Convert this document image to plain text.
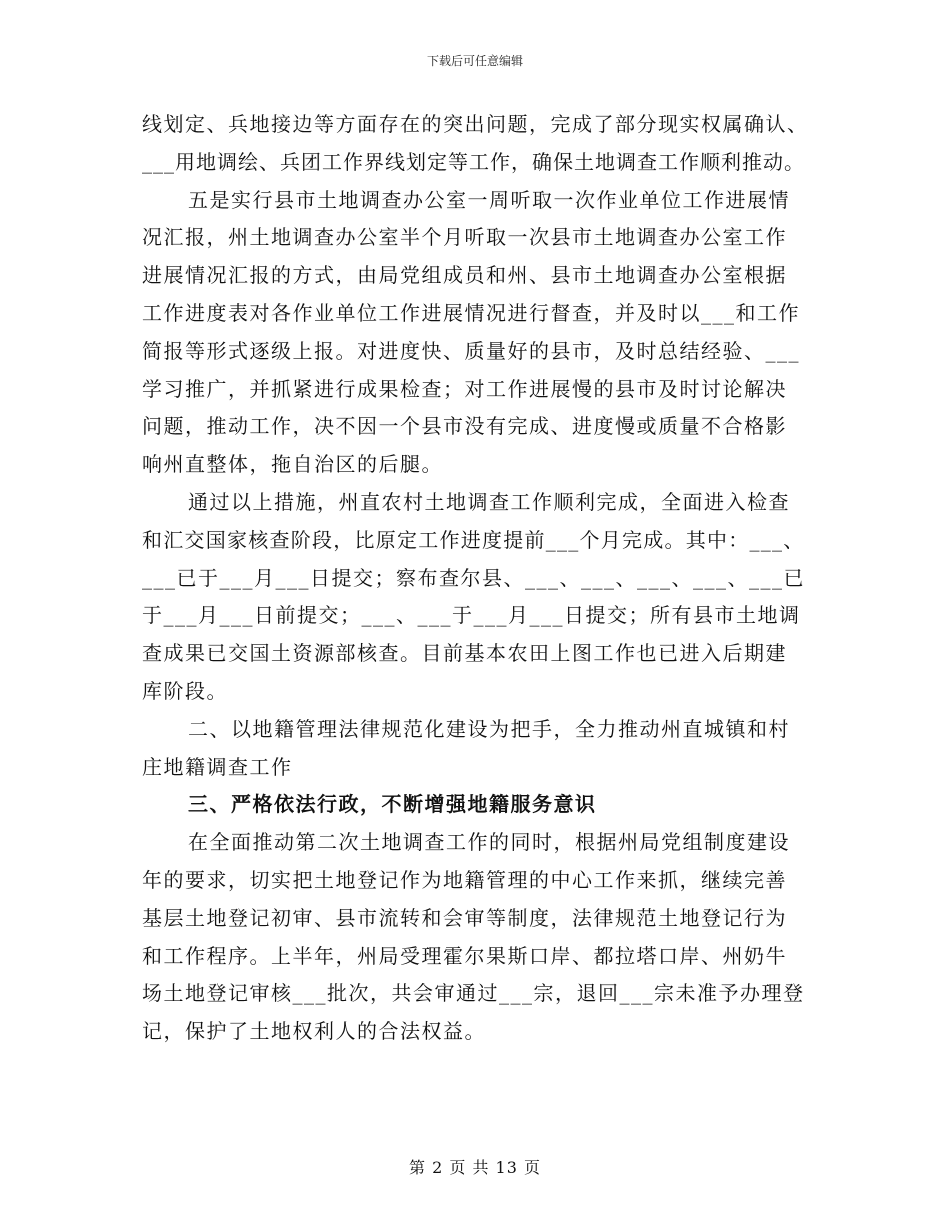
下载后可任意编辑
线划定、兵地接边等方面存在的突出问题，完成了部分现实权属确认、
___用地调绘、兵团工作界线划定等工作，确保土地调查工作顺利推动。
五是实行县市土地调查办公室一周听取一次作业单位工作进展情
况汇报，州土地调查办公室半个月听取一次县市土地调查办公室工作
进展情况汇报的方式，由局党组成员和州、县市土地调查办公室根据
工作进度表对各作业单位工作进展情况进行督查，并及时以___和工作
简报等形式逐级上报。对进度快、质量好的县市，及时总结经验、___
学习推广，并抓紧进行成果检查；对工作进展慢的县市及时讨论解决
问题，推动工作，决不因一个县市没有完成、进度慢或质量不合格影
响州直整体，拖自治区的后腿。
通过以上措施，州直农村土地调查工作顺利完成，全面进入检查
和汇交国家核查阶段，比原定工作进度提前___个月完成。其中：___、
___已于___月___日提交；察布查尔县、___、___、___、___、___已
于___月___日前提交；___、___于___月___日提交；所有县市土地调
查成果已交国土资源部核查。目前基本农田上图工作也已进入后期建
库阶段。
二、以地籍管理法律规范化建设为把手，全力推动州直城镇和村
庄地籍调查工作
三、严格依法行政，不断增强地籍服务意识
在全面推动第二次土地调查工作的同时，根据州局党组制度建设
年的要求，切实把土地登记作为地籍管理的中心工作来抓，继续完善
基层土地登记初审、县市流转和会审等制度，法律规范土地登记行为
和工作程序。上半年，州局受理霍尔果斯口岸、都拉塔口岸、州奶牛
场土地登记审核___批次，共会审通过___宗，退回___宗未准予办理登
记，保护了土地权利人的合法权益。
第 2 页 共 13 页
